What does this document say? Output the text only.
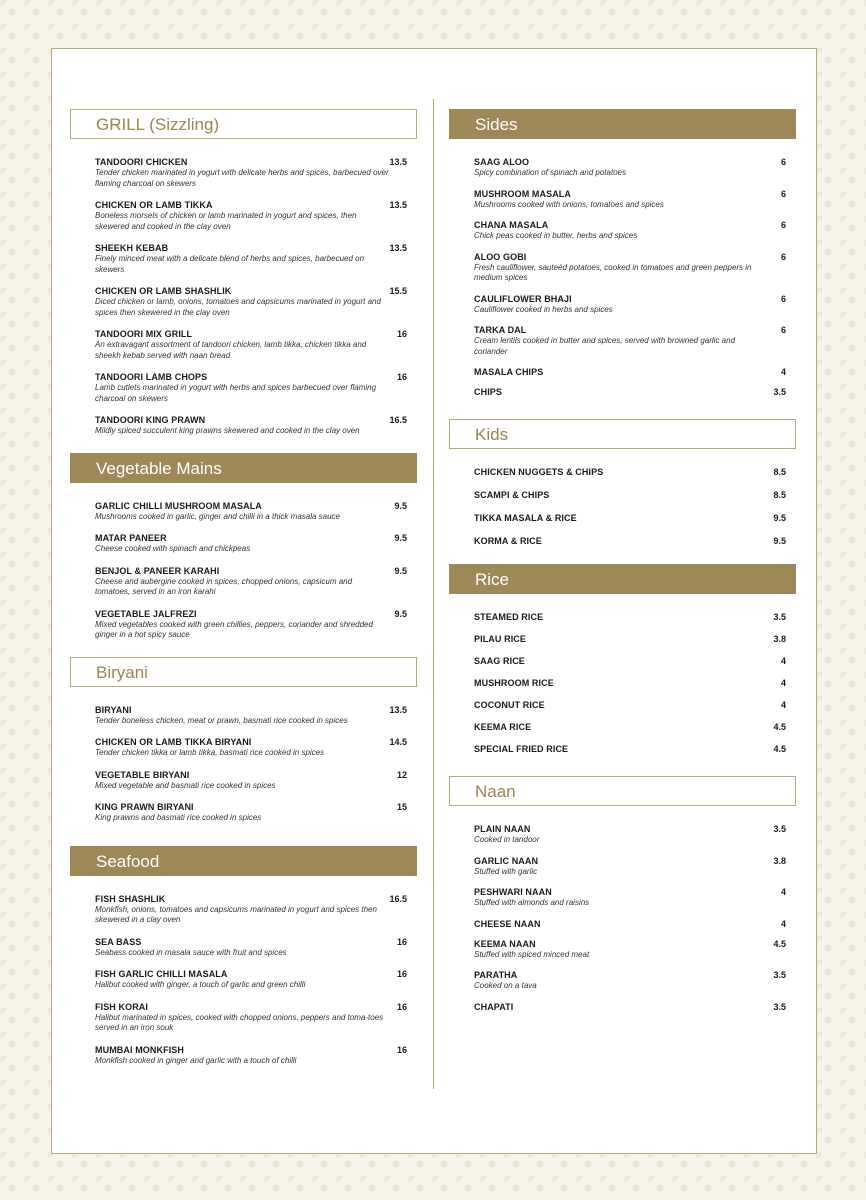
GRILL (Sizzling)
TANDOORI CHICKEN	13.5
Tender chicken marinated in yogurt with delicate herbs and spices, barbecued over flaming charcoal on skewers
CHICKEN OR LAMB TIKKA	13.5
Boneless morsels of chicken or lamb marinated in yogurt and spices, then skewered and cooked in the clay oven
SHEEKH KEBAB	13.5
Finely minced meat with a delicate blend of herbs and spices, barbecued on skewers
CHICKEN OR LAMB SHASHLIK	15.5
Diced chicken or lamb, onions, tomatoes and capsicums marinated in yogurt and spices then skewered in the clay oven
TANDOORI MIX GRILL	16
An extravagant assortment of tandoori chicken, lamb tikka, chicken tikka and sheekh kebab served with naan bread
TANDOORI LAMB CHOPS	16
Lamb cutlets marinated in yogurt with herbs and spices barbecued over flaming charcoal on skewers
TANDOORI KING PRAWN	16.5
Mildly spiced succulent king prawns skewered and cooked in the clay oven
Vegetable Mains
GARLIC CHILLI MUSHROOM MASALA	9.5
Mushrooms cooked in garlic, ginger and chilli in a thick masala sauce
MATAR PANEER	9.5
Cheese cooked with spinach and chickpeas
BENJOL & PANEER KARAHI	9.5
Cheese and aubergine cooked in spices, chopped onions, capsicum and tomatoes, served in an iron karahi
VEGETABLE JALFREZI	9.5
Mixed vegetables cooked with green chillies, peppers, coriander and shredded ginger in a hot spicy sauce
Biryani
BIRYANI	13.5
Tender boneless chicken, meat or prawn, basmati rice cooked in spices
CHICKEN OR LAMB TIKKA BIRYANI	14.5
Tender chicken tikka or lamb tikka, basmati rice cooked in spices
VEGETABLE BIRYANI	12
Mixed vegetable and basmati rice cooked in spices
KING PRAWN BIRYANI	15
King prawns and basmati rice cooked in spices
Seafood
FISH SHASHLIK	16.5
Monkfish, onions, tomatoes and capsicums marinated in yogurt and spices then skewered in a clay oven
SEA BASS	16
Seabass cooked in masala sauce with fruit and spices
FISH GARLIC CHILLI MASALA	16
Halibut cooked with ginger, a touch of garlic and green chilli
FISH KORAI	16
Halibut marinated in spices, cooked with chopped onions, peppers and toma-toes served in an iron souk
MUMBAI MONKFISH	16
Monkfish cooked in ginger and garlic with a touch of chilli
Sides
SAAG ALOO	6
Spicy combination of spinach and potatoes
MUSHROOM MASALA	6
Mushrooms cooked with onions, tomatoes and spices
CHANA MASALA	6
Chick peas cooked in butter, herbs and spices
ALOO GOBI	6
Fresh cauliflower, sauteéd potatoes, cooked in tomatoes and green peppers in medium spices
CAULIFLOWER BHAJI	6
Cauliflower cooked in herbs and spices
TARKA DAL	6
Cream lentils cooked in butter and spices, served with browned garlic and coriander
MASALA CHIPS	4
CHIPS	3.5
Kids
CHICKEN NUGGETS & CHIPS	8.5
SCAMPI & CHIPS	8.5
TIKKA MASALA & RICE	9.5
KORMA & RICE	9.5
Rice
STEAMED RICE	3.5
PILAU RICE	3.8
SAAG RICE	4
MUSHROOM RICE	4
COCONUT RICE	4
KEEMA RICE	4.5
SPECIAL FRIED RICE	4.5
Naan
PLAIN NAAN	3.5
Cooked in tandoor
GARLIC NAAN	3.8
Stuffed with garlic
PESHWARI NAAN	4
Stuffed with almonds and raisins
CHEESE NAAN	4
KEEMA NAAN	4.5
Stuffed with spiced minced meat
PARATHA	3.5
Cooked on a tava
CHAPATI	3.5
